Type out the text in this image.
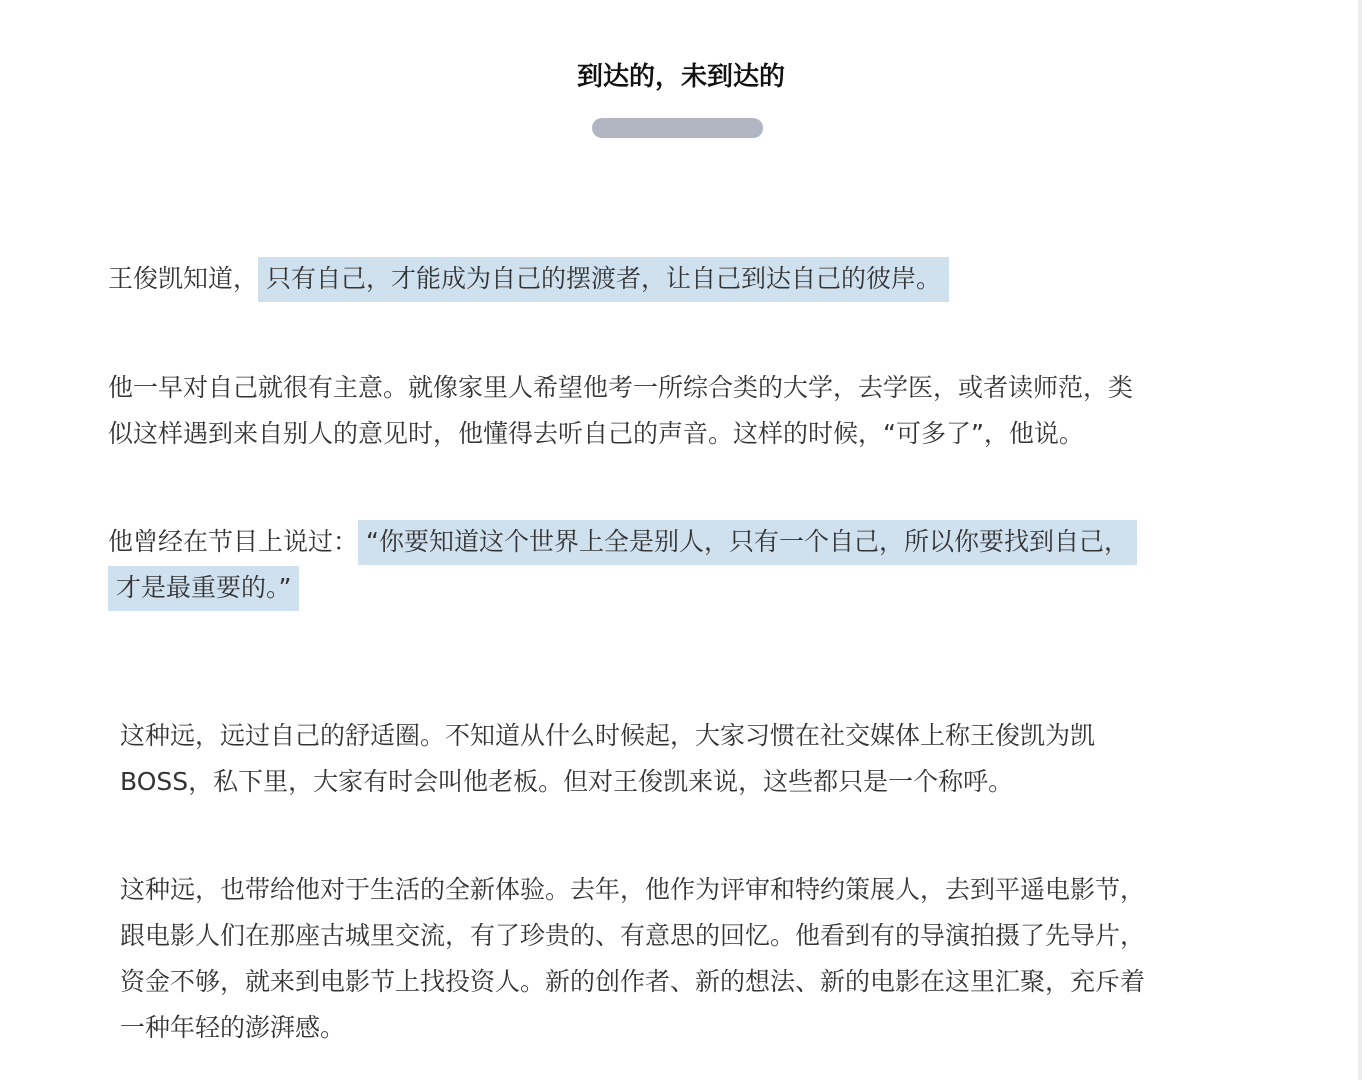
到达的，未到达的

王俊凯知道， 只有自己，才能成为自己的摆渡者，让自己到达自己的彼岸。

他一早对自己就很有主意。就像家里人希望他考一所综合类的大学，去学医，或者读师范，类
似这样遇到来自别人的意见时，他懂得去听自己的声音。这样的时候，“可多了”，他说。

他曾经在节目上说过： “你要知道这个世界上全是别人，只有一个自己，所以你要找到自己，
才是最重要的。”

这种远，远过自己的舒适圈。不知道从什么时候起，大家习惯在社交媒体上称王俊凯为凯
BOSS，私下里，大家有时会叫他老板。但对王俊凯来说，这些都只是一个称呼。

这种远，也带给他对于生活的全新体验。去年，他作为评审和特约策展人，去到平遥电影节，
跟电影人们在那座古城里交流，有了珍贵的、有意思的回忆。他看到有的导演拍摄了先导片，
资金不够，就来到电影节上找投资人。新的创作者、新的想法、新的电影在这里汇聚，充斥着
一种年轻的澎湃感。
